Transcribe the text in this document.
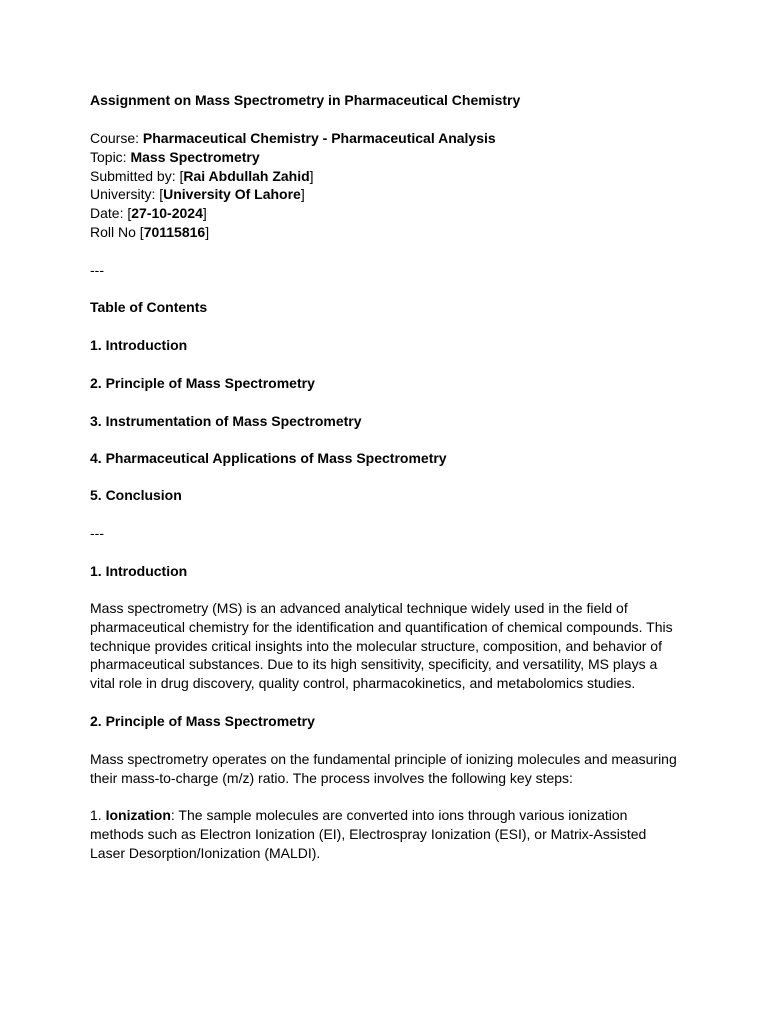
Assignment on Mass Spectrometry in Pharmaceutical Chemistry

Course: Pharmaceutical Chemistry - Pharmaceutical Analysis

Topic: Mass Spectrometry

Submitted by: [Rai Abdullah Zahid]

University: [University Of Lahore]

Date: [27-10-2024]

Roll No [70115816]

---

Table of Contents

1. Introduction

2. Principle of Mass Spectrometry

3. Instrumentation of Mass Spectrometry

4. Pharmaceutical Applications of Mass Spectrometry

5. Conclusion

---

1. Introduction

Mass spectrometry (MS) is an advanced analytical technique widely used in the field of pharmaceutical chemistry for the identification and quantification of chemical compounds. This technique provides critical insights into the molecular structure, composition, and behavior of pharmaceutical substances. Due to its high sensitivity, specificity, and versatility, MS plays a vital role in drug discovery, quality control, pharmacokinetics, and metabolomics studies.

2. Principle of Mass Spectrometry

Mass spectrometry operates on the fundamental principle of ionizing molecules and measuring their mass-to-charge (m/z) ratio. The process involves the following key steps:

1. Ionization: The sample molecules are converted into ions through various ionization methods such as Electron Ionization (EI), Electrospray Ionization (ESI), or Matrix-Assisted Laser Desorption/Ionization (MALDI).
